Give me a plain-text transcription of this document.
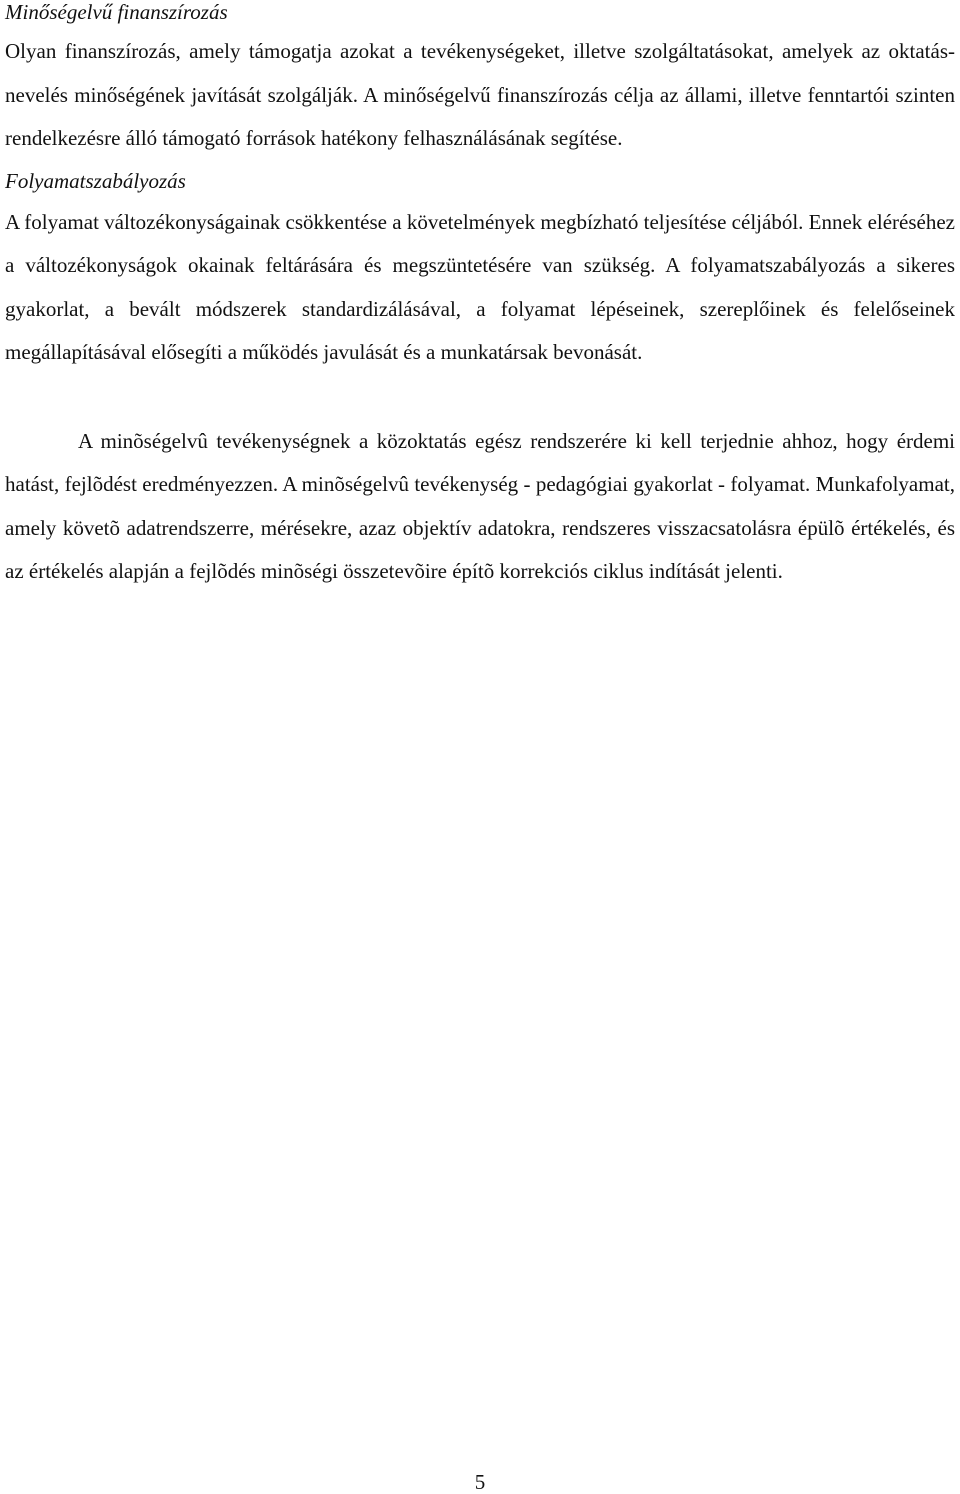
Minőségelvű finanszírozás

Olyan finanszírozás, amely támogatja azokat a tevékenységeket, illetve szolgáltatásokat, amelyek az oktatás-nevelés minőségének javítását szolgálják. A minőségelvű finanszírozás célja az állami, illetve fenntartói szinten rendelkezésre álló támogató források hatékony felhasználásának segítése.

Folyamatszabályozás

A folyamat változékonyságainak csökkentése a követelmények megbízható teljesítése céljából. Ennek eléréséhez a változékonyságok okainak feltárására és megszüntetésére van szükség. A folyamatszabályozás a sikeres gyakorlat, a bevált módszerek standardizálásával, a folyamat lépéseinek, szereplőinek és felelőseinek megállapításával elősegíti a működés javulását és a munkatársak bevonását.

A minõségelvû tevékenységnek a közoktatás egész rendszerére ki kell terjednie ahhoz, hogy érdemi hatást, fejlõdést eredményezzen. A minõségelvû tevékenység - pedagógiai gyakorlat - folyamat. Munkafolyamat, amely követõ adatrendszerre, mérésekre, azaz objektív adatokra, rendszeres visszacsatolásra épülõ értékelés, és az értékelés alapján a fejlõdés minõségi összetevõire építõ korrekciós ciklus indítását jelenti.

5
